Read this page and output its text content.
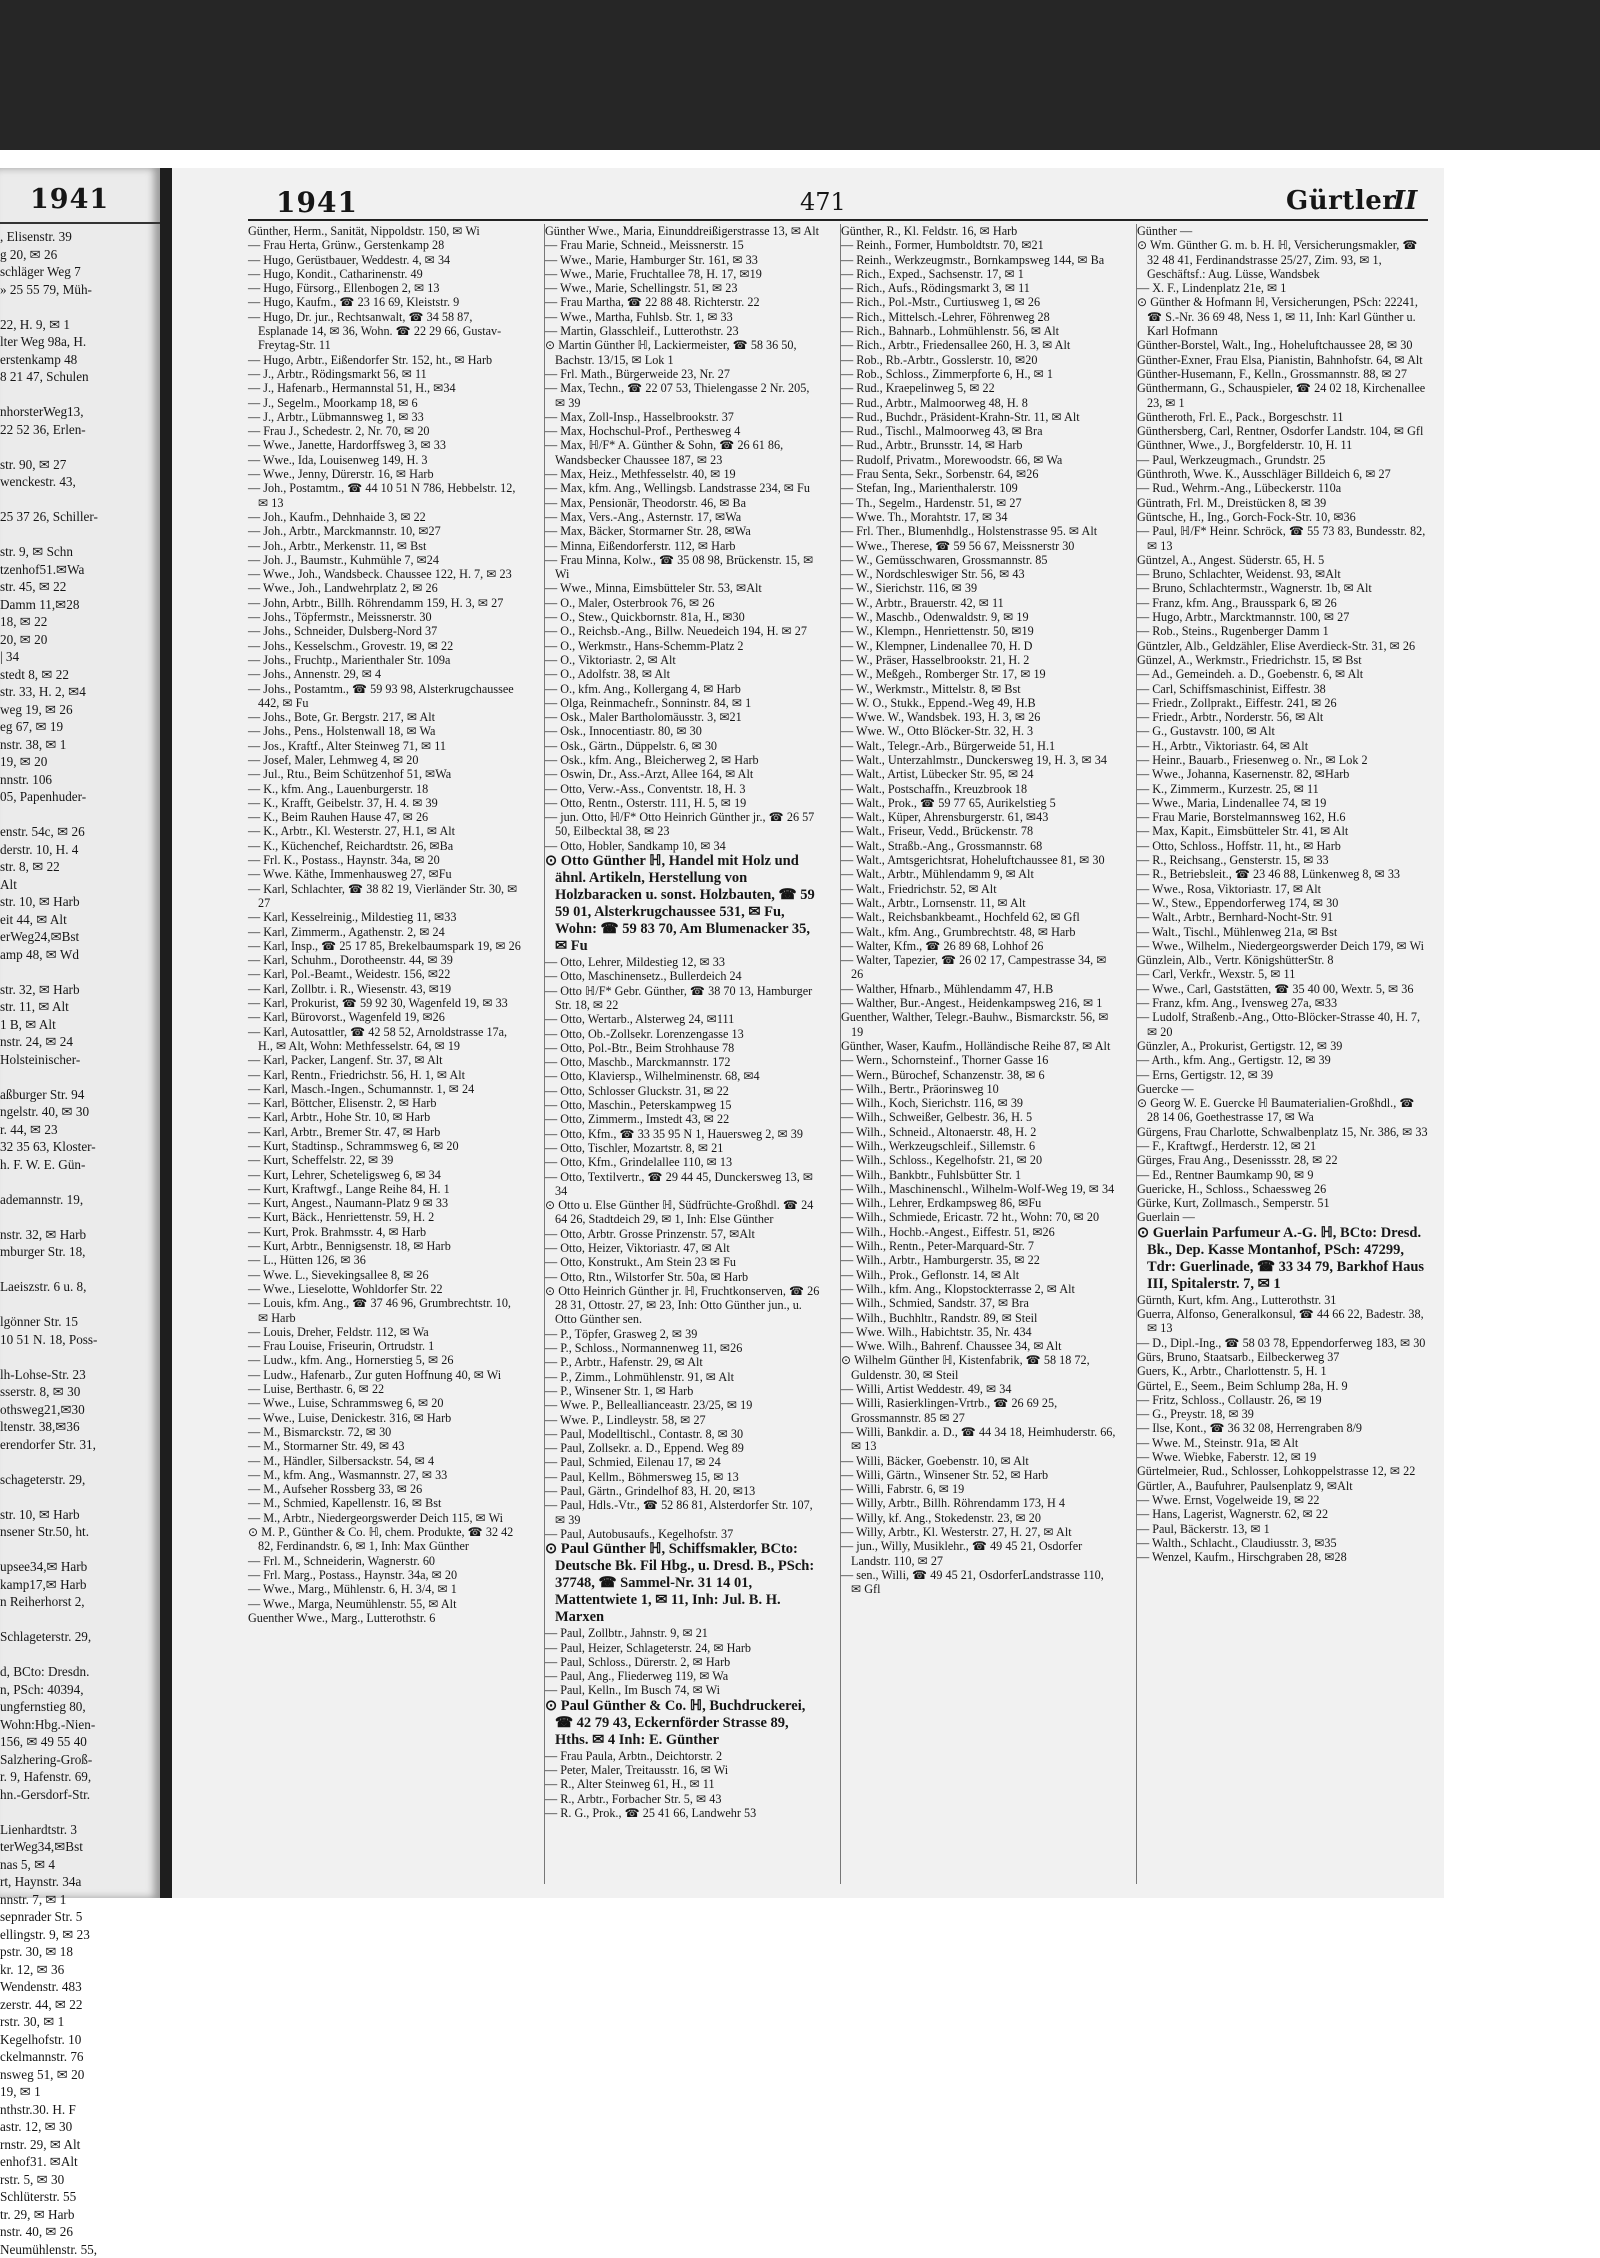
1941
, Elisenstr. 39
g 20, ✉ 26
schläger Weg 7
» 25 55 79, Müh-

22, H. 9, ✉ 1
lter Weg 98a, H.
erstenkamp 48
8 21 47, Schulen

nhorsterWeg13,
22 52 36, Erlen-

str. 90, ✉ 27
wenckestr. 43,

25 37 26, Schiller-

str. 9, ✉ Schn
tzenhof51.✉Wa
str. 45, ✉ 22
Damm 11,✉28
18, ✉ 22
20, ✉ 20
| 34
stedt 8, ✉ 22
str. 33, H. 2, ✉4
weg 19, ✉ 26
eg 67, ✉ 19
nstr. 38, ✉ 1
19, ✉ 20
nnstr. 106
05, Papenhuder-

enstr. 54c, ✉ 26
derstr. 10, H. 4
str. 8, ✉ 22
Alt
str. 10, ✉ Harb
eit 44, ✉ Alt
erWeg24,✉Bst
amp 48, ✉ Wd

str. 32, ✉ Harb
str. 11, ✉ Alt
1 B, ✉ Alt
nstr. 24, ✉ 24
Holsteinischer-

aßburger Str. 94
ngelstr. 40, ✉ 30
r. 44, ✉ 23
32 35 63, Kloster-
h. F. W. E. Gün-

ademannstr. 19,

nstr. 32, ✉ Harb
mburger Str. 18,

Laeiszstr. 6 u. 8,

lgönner Str. 15
10 51 N. 18, Poss-

lh-Lohse-Str. 23
sserstr. 8, ✉ 30
othsweg21,✉30
ltenstr. 38,✉36
erendorfer Str. 31,

schageterstr. 29,

str. 10, ✉ Harb
nsener Str.50, ht.

upsee34,✉ Harb
kamp17,✉ Harb
n Reiherhorst 2,

Schlageterstr. 29,

d, BCto: Dresdn.
n, PSch: 40394,
ungfernstieg 80,
Wohn:Hbg.-Nien-
156, ✉ 49 55 40
Salzhering-Groß-
r. 9, Hafenstr. 69,
hn.-Gersdorf-Str.

Lienhardtstr. 3
terWeg34,✉Bst
nas 5, ✉ 4
rt, Haynstr. 34a
nnstr. 7, ✉ 1
sepnrader Str. 5
ellingstr. 9, ✉ 23
pstr. 30, ✉ 18
kr. 12, ✉ 36
Wendenstr. 483
zerstr. 44, ✉ 22
rstr. 30, ✉ 1
Kegelhofstr. 10
ckelmannstr. 76
nsweg 51, ✉ 20
19, ✉ 1
nthstr.30. H. F
astr. 12, ✉ 30
rnstr. 29, ✉ Alt
enhof31. ✉Alt
rstr. 5, ✉ 30
Schlüterstr. 55
tr. 29, ✉ Harb
nstr. 40, ✉ 26
Neumühlenstr. 55,
1941	471	Gürtler
II

Günther, Herm., Sanität, Nippoldstr. 150, ✉ Wi

— Frau Herta, Grünw., Gerstenkamp 28

— Hugo, Gerüstbauer, Weddestr. 4, ✉ 34

— Hugo, Kondit., Catharinenstr. 49

— Hugo, Fürsorg., Ellenbogen 2, ✉ 13

— Hugo, Kaufm., ☎ 23 16 69, Kleiststr. 9

— Hugo, Dr. jur., Rechtsanwalt, ☎ 34 58 87, Esplanade 14, ✉ 36, Wohn. ☎ 22 29 66, Gustav-Freytag-Str. 11

— Hugo, Arbtr., Eißendorfer Str. 152, ht., ✉ Harb

— J., Arbtr., Rödingsmarkt 56, ✉ 11

— J., Hafenarb., Hermannstal 51, H., ✉34

— J., Segelm., Moorkamp 18, ✉ 6

— J., Arbtr., Lübmannsweg 1, ✉ 33

— Frau J., Schedestr. 2, Nr. 70, ✉ 20

— Wwe., Janette, Hardorffsweg 3, ✉ 33

— Wwe., Ida, Louisenweg 149, H. 3

— Wwe., Jenny, Dürerstr. 16, ✉ Harb

— Joh., Postamtm., ☎ 44 10 51 N 786, Hebbelstr. 12, ✉ 13

— Joh., Kaufm., Dehnhaide 3, ✉ 22

— Joh., Arbtr., Marckmannstr. 10, ✉27

— Joh., Arbtr., Merkenstr. 11, ✉ Bst

— Joh. J., Baumstr., Kuhmühle 7, ✉24

— Wwe., Joh., Wandsbeck. Chaussee 122, H. 7, ✉ 23

— Wwe., Joh., Landwehrplatz 2, ✉ 26

— John, Arbtr., Billh. Röhrendamm 159, H. 3, ✉ 27

— Johs., Töpfermstr., Meissnerstr. 30

— Johs., Schneider, Dulsberg-Nord 37

— Johs., Kesselschm., Grovestr. 19, ✉ 22

— Johs., Fruchtp., Marienthaler Str. 109a

— Johs., Annenstr. 29, ✉ 4

— Johs., Postamtm., ☎ 59 93 98, Alsterkrugchaussee 442, ✉ Fu

— Johs., Bote, Gr. Bergstr. 217, ✉ Alt

— Johs., Pens., Holstenwall 18, ✉ Wa

— Jos., Kraftf., Alter Steinweg 71, ✉ 11

— Josef, Maler, Lehmweg 4, ✉ 20

— Jul., Rtu., Beim Schützenhof 51, ✉Wa

— K., kfm. Ang., Lauenburgerstr. 18

— K., Krafft, Geibelstr. 37, H. 4. ✉ 39

— K., Beim Rauhen Hause 47, ✉ 26

— K., Arbtr., Kl. Westerstr. 27, H.1, ✉ Alt

— K., Küchenchef, Reichardtstr. 26, ✉Ba

— Frl. K., Postass., Haynstr. 34a, ✉ 20

— Wwe. Käthe, Immenhausweg 27, ✉Fu

— Karl, Schlachter, ☎ 38 82 19, Vierländer Str. 30, ✉ 27

— Karl, Kesselreinig., Mildestieg 11, ✉33

— Karl, Zimmerm., Agathenstr. 2, ✉ 24

— Karl, Insp., ☎ 25 17 85, Brekelbaumspark 19, ✉ 26

— Karl, Schuhm., Dorotheenstr. 44, ✉ 39

— Karl, Pol.-Beamt., Weidestr. 156, ✉22

— Karl, Zollbtr. i. R., Wiesenstr. 43, ✉19

— Karl, Prokurist, ☎ 59 92 30, Wagenfeld 19, ✉ 33

— Karl, Bürovorst., Wagenfeld 19, ✉26

— Karl, Autosattler, ☎ 42 58 52, Arnoldstrasse 17a, H., ✉ Alt, Wohn: Methfesselstr. 64, ✉ 19

— Karl, Packer, Langenf. Str. 37, ✉ Alt

— Karl, Rentn., Friedrichstr. 56, H. 1, ✉ Alt

— Karl, Masch.-Ingen., Schumannstr. 1, ✉ 24

— Karl, Böttcher, Elisenstr. 2, ✉ Harb

— Karl, Arbtr., Hohe Str. 10, ✉ Harb

— Karl, Arbtr., Bremer Str. 47, ✉ Harb

— Kurt, Stadtinsp., Schrammsweg 6, ✉ 20

— Kurt, Scheffelstr. 22, ✉ 39

— Kurt, Lehrer, Scheteligsweg 6, ✉ 34

— Kurt, Kraftwgf., Lange Reihe 84, H. 1

— Kurt, Angest., Naumann-Platz 9 ✉ 33

— Kurt, Bäck., Henriettenstr. 59, H. 2

— Kurt, Prok. Brahmsstr. 4, ✉ Harb

— Kurt, Arbtr., Bennigsenstr. 18, ✉ Harb

— L., Hütten 126, ✉ 36

— Wwe. L., Sievekingsallee 8, ✉ 26

— Wwe., Lieselotte, Wohldorfer Str. 22

— Louis, kfm. Ang., ☎ 37 46 96, Grumbrechtstr. 10, ✉ Harb

— Louis, Dreher, Feldstr. 112, ✉ Wa

— Frau Louise, Friseurin, Ortrudstr. 1

— Ludw., kfm. Ang., Hornerstieg 5, ✉ 26

— Ludw., Hafenarb., Zur guten Hoffnung 40, ✉ Wi

— Luise, Berthastr. 6, ✉ 22

— Wwe., Luise, Schrammsweg 6, ✉ 20

— Wwe., Luise, Denickestr. 316, ✉ Harb

— M., Bismarckstr. 72, ✉ 30

— M., Stormarner Str. 49, ✉ 43

— M., Händler, Silbersackstr. 54, ✉ 4

— M., kfm. Ang., Wasmannstr. 27, ✉ 33

— M., Aufseher Rossberg 33, ✉ 26

— M., Schmied, Kapellenstr. 16, ✉ Bst

— M., Arbtr., Niedergeorgswerder Deich 115, ✉ Wi

⊙ M. P., Günther & Co. ℍ, chem. Produkte, ☎ 32 42 82, Ferdinandstr. 6, ✉ 1, Inh: Max Günther

— Frl. M., Schneiderin, Wagnerstr. 60

— Frl. Marg., Postass., Haynstr. 34a, ✉ 20

— Wwe., Marg., Mühlenstr. 6, H. 3/4, ✉ 1

— Wwe., Marga, Neumühlenstr. 55, ✉ Alt

Guenther Wwe., Marg., Lutterothstr. 6

Günther Wwe., Maria, Einunddreißigerstrasse 13, ✉ Alt

— Frau Marie, Schneid., Meissnerstr. 15

— Wwe., Marie, Hamburger Str. 161, ✉ 33

— Wwe., Marie, Fruchtallee 78, H. 17, ✉19

— Wwe., Marie, Schellingstr. 51, ✉ 23

— Frau Martha, ☎ 22 88 48. Richterstr. 22

— Wwe., Martha, Fuhlsb. Str. 1, ✉ 33

— Martin, Glasschleif., Lutterothstr. 23

⊙ Martin Günther ℍ, Lackiermeister, ☎ 58 36 50, Bachstr. 13/15, ✉ Lok 1

— Frl. Math., Bürgerweide 23, Nr. 27

— Max, Techn., ☎ 22 07 53, Thielengasse 2 Nr. 205, ✉ 39

— Max, Zoll-Insp., Hasselbrookstr. 37

— Max, Hochschul-Prof., Perthesweg 4

— Max, ℍ/F* A. Günther & Sohn, ☎ 26 61 86, Wandsbecker Chaussee 187, ✉ 23

— Max, Heiz., Methfesselstr. 40, ✉ 19

— Max, kfm. Ang., Wellingsb. Landstrasse 234, ✉ Fu

— Max, Pensionär, Theodorstr. 46, ✉ Ba

— Max, Vers.-Ang., Asternstr. 17, ✉Wa

— Max, Bäcker, Stormarner Str. 28, ✉Wa

— Minna, Eißendorferstr. 112, ✉ Harb

— Frau Minna, Kolw., ☎ 35 08 98, Brückenstr. 15, ✉ Wi

— Wwe., Minna, Eimsbütteler Str. 53, ✉Alt

— O., Maler, Osterbrook 76, ✉ 26

— O., Stew., Quickbornstr. 81a, H., ✉30

— O., Reichsb.-Ang., Billw. Neuedeich 194, H. ✉ 27

— O., Werkmstr., Hans-Schemm-Platz 2

— O., Viktoriastr. 2, ✉ Alt

— O., Adolfstr. 38, ✉ Alt

— O., kfm. Ang., Kollergang 4, ✉ Harb

— Olga, Reinmachefr., Sonninstr. 84, ✉ 1

— Osk., Maler Bartholomäusstr. 3, ✉21

— Osk., Innocentiastr. 80, ✉ 30

— Osk., Gärtn., Düppelstr. 6, ✉ 30

— Osk., kfm. Ang., Bleicherweg 2, ✉ Harb

— Oswin, Dr., Ass.-Arzt, Allee 164, ✉ Alt

— Otto, Verw.-Ass., Conventstr. 18, H. 3

— Otto, Rentn., Osterstr. 111, H. 5, ✉ 19

— jun. Otto, ℍ/F* Otto Heinrich Günther jr., ☎ 26 57 50, Eilbecktal 38, ✉ 23

— Otto, Hobler, Sandkamp 10, ✉ 34

⊙ Otto Günther ℍ, Handel mit Holz und ähnl. Artikeln, Herstellung von Holzbaracken u. sonst. Holzbauten, ☎ 59 59 01, Alsterkrugchaussee 531, ✉ Fu, Wohn: ☎ 59 83 70, Am Blumenacker 35, ✉ Fu

— Otto, Lehrer, Mildestieg 12, ✉ 33

— Otto, Maschinensetz., Bullerdeich 24

— Otto ℍ/F* Gebr. Günther, ☎ 38 70 13, Hamburger Str. 18, ✉ 22

— Otto, Wertarb., Alsterweg 24, ✉111

— Otto, Ob.-Zollsekr. Lorenzengasse 13

— Otto, Pol.-Btr., Beim Strohhause 78

— Otto, Maschb., Marckmannstr. 172

— Otto, Klaviersp., Wilhelminenstr. 68, ✉4

— Otto, Schlosser Gluckstr. 31, ✉ 22

— Otto, Maschin., Peterskampweg 15

— Otto, Zimmerm., Imstedt 43, ✉ 22

— Otto, Kfm., ☎ 33 35 95 N 1, Hauersweg 2, ✉ 39

— Otto, Tischler, Mozartstr. 8, ✉ 21

— Otto, Kfm., Grindelallee 110, ✉ 13

— Otto, Textilvertr., ☎ 29 44 45, Dunckersweg 13, ✉ 34

⊙ Otto u. Else Günther ℍ, Südfrüchte-Großhdl. ☎ 24 64 26, Stadtdeich 29, ✉ 1, Inh: Else Günther

— Otto, Arbtr. Grosse Prinzenstr. 57, ✉Alt

— Otto, Heizer, Viktoriastr. 47, ✉ Alt

— Otto, Konstrukt., Am Stein 23 ✉ Fu

— Otto, Rtn., Wilstorfer Str. 50a, ✉ Harb

⊙ Otto Heinrich Günther jr. ℍ, Fruchtkonserven, ☎ 26 28 31, Ottostr. 27, ✉ 23, Inh: Otto Günther jun., u. Otto Günther sen.

— P., Töpfer, Grasweg 2, ✉ 39

— P., Schloss., Normannenweg 11, ✉26

— P., Arbtr., Hafenstr. 29, ✉ Alt

— P., Zimm., Lohmühlenstr. 91, ✉ Alt

— P., Winsener Str. 1, ✉ Harb

— Wwe. P., Belleallianceastr. 23/25, ✉ 19

— Wwe. P., Lindleystr. 58, ✉ 27

— Paul, Modelltischl., Contastr. 8, ✉ 30

— Paul, Zollsekr. a. D., Eppend. Weg 89

— Paul, Schmied, Eilenau 17, ✉ 24

— Paul, Kellm., Böhmersweg 15, ✉ 13

— Paul, Gärtn., Grindelhof 83, H. 20, ✉13

— Paul, Hdls.-Vtr., ☎ 52 86 81, Alsterdorfer Str. 107, ✉ 39

— Paul, Autobusaufs., Kegelhofstr. 37

⊙ Paul Günther ℍ, Schiffsmakler, BCto: Deutsche Bk. Fil Hbg., u. Dresd. B., PSch: 37748, ☎ Sammel-Nr. 31 14 01, Mattentwiete 1, ✉ 11, Inh: Jul. B. H. Marxen

— Paul, Zollbtr., Jahnstr. 9, ✉ 21

— Paul, Heizer, Schlageterstr. 24, ✉ Harb

— Paul, Schloss., Dürerstr. 2, ✉ Harb

— Paul, Ang., Fliederweg 119, ✉ Wa

— Paul, Kelln., Im Busch 74, ✉ Wi

⊙ Paul Günther & Co. ℍ, Buchdruckerei, ☎ 42 79 43, Eckernförder Strasse 89, Hths. ✉ 4 Inh: E. Günther

— Frau Paula, Arbtn., Deichtorstr. 2

— Peter, Maler, Treitausstr. 16, ✉ Wi

— R., Alter Steinweg 61, H., ✉ 11

— R., Arbtr., Forbacher Str. 5, ✉ 43

— R. G., Prok., ☎ 25 41 66, Landwehr 53

Günther, R., Kl. Feldstr. 16, ✉ Harb

— Reinh., Former, Humboldtstr. 70, ✉21

— Reinh., Werkzeugmstr., Bornkampsweg 144, ✉ Ba

— Rich., Exped., Sachsenstr. 17, ✉ 1

— Rich., Aufs., Rödingsmarkt 3, ✉ 11

— Rich., Pol.-Mstr., Curtiusweg 1, ✉ 26

— Rich., Mittelsch.-Lehrer, Föhrenweg 28

— Rich., Bahnarb., Lohmühlenstr. 56, ✉ Alt

— Rich., Arbtr., Friedensallee 260, H. 3, ✉ Alt

— Rob., Rb.-Arbtr., Gosslerstr. 10, ✉20

— Rob., Schloss., Zimmerpforte 6, H., ✉ 1

— Rud., Kraepelinweg 5, ✉ 22

— Rud., Arbtr., Malmoorweg 48, H. 8

— Rud., Buchdr., Präsident-Krahn-Str. 11, ✉ Alt

— Rud., Tischl., Malmoorweg 43, ✉ Bra

— Rud., Arbtr., Brunsstr. 14, ✉ Harb

— Rudolf, Privatm., Morewoodstr. 66, ✉ Wa

— Frau Senta, Sekr., Sorbenstr. 64, ✉26

— Stefan, Ing., Marienthalerstr. 109

— Th., Segelm., Hardenstr. 51, ✉ 27

— Wwe. Th., Morahtstr. 17, ✉ 34

— Frl. Ther., Blumenhdlg., Holstenstrasse 95. ✉ Alt

— Wwe., Therese, ☎ 59 56 67, Meissnerstr 30

— W., Gemüsschwaren, Grossmannstr. 85

— W., Nordschleswiger Str. 56, ✉ 43

— W., Sierichstr. 116, ✉ 39

— W., Arbtr., Brauerstr. 42, ✉ 11

— W., Maschb., Odenwaldstr. 9, ✉ 19

— W., Klempn., Henriettenstr. 50, ✉19

— W., Klempner, Lindenallee 70, H. D

— W., Präser, Hasselbrookstr. 21, H. 2

— W., Meßgeh., Romberger Str. 17, ✉ 19

— W., Werkmstr., Mittelstr. 8, ✉ Bst

— W. O., Stukk., Eppend.-Weg 49, H.B

— Wwe. W., Wandsbek. 193, H. 3, ✉ 26

— Wwe. W., Otto Blöcker-Str. 32, H. 3

— Walt., Telegr.-Arb., Bürgerweide 51, H.1

— Walt., Unterzahlmstr., Dunckersweg 19, H. 3, ✉ 34

— Walt., Artist, Lübecker Str. 95, ✉ 24

— Walt., Postschaffn., Kreuzbrook 18

— Walt., Prok., ☎ 59 77 65, Aurikelstieg 5

— Walt., Küper, Ahrensburgerstr. 61, ✉43

— Walt., Friseur, Vedd., Brückenstr. 78

— Walt., Straßb.-Ang., Grossmannstr. 68

— Walt., Amtsgerichtsrat, Hoheluftchaussee 81, ✉ 30

— Walt., Arbtr., Mühlendamm 9, ✉ Alt

— Walt., Friedrichstr. 52, ✉ Alt

— Walt., Arbtr., Lornsenstr. 11, ✉ Alt

— Walt., Reichsbankbeamt., Hochfeld 62, ✉ Gfl

— Walt., kfm. Ang., Grumbrechtstr. 48, ✉ Harb

— Walter, Kfm., ☎ 26 89 68, Lohhof 26

— Walter, Tapezier, ☎ 26 02 17, Campestrasse 34, ✉ 26

— Walther, Hfnarb., Mühlendamm 47, H.B

— Walther, Bur.-Angest., Heidenkampsweg 216, ✉ 1

Guenther, Walther, Telegr.-Bauhw., Bismarckstr. 56, ✉ 19

Günther, Waser, Kaufm., Holländische Reihe 87, ✉ Alt

— Wern., Schornsteinf., Thorner Gasse 16

— Wern., Bürochef, Schanzenstr. 38, ✉ 6

— Wilh., Bertr., Präorinsweg 10

— Wilh., Koch, Sierichstr. 116, ✉ 39

— Wilh., Schweißer, Gelbestr. 36, H. 5

— Wilh., Schneid., Altonaerstr. 48, H. 2

— Wilh., Werkzeugschleif., Sillemstr. 6

— Wilh., Schloss., Kegelhofstr. 21, ✉ 20

— Wilh., Bankbtr., Fuhlsbütter Str. 1

— Wilh., Maschinenschl., Wilhelm-Wolf-Weg 19, ✉ 34

— Wilh., Lehrer, Erdkampsweg 86, ✉Fu

— Wilh., Schmiede, Ericastr. 72 ht., Wohn: 70, ✉ 20

— Wilh., Hochb.-Angest., Eiffestr. 51, ✉26

— Wilh., Rentn., Peter-Marquard-Str. 7

— Wilh., Arbtr., Hamburgerstr. 35, ✉ 22

— Wilh., Prok., Geflonstr. 14, ✉ Alt

— Wilh., kfm. Ang., Klopstockterrasse 2, ✉ Alt

— Wilh., Schmied, Sandstr. 37, ✉ Bra

— Wilh., Buchhltr., Randstr. 89, ✉ Steil

— Wwe. Wilh., Habichtstr. 35, Nr. 434

— Wwe. Wilh., Bahrenf. Chaussee 34, ✉ Alt

⊙ Wilhelm Günther ℍ, Kistenfabrik, ☎ 58 18 72, Guldenstr. 30, ✉ Steil

— Willi, Artist Weddestr. 49, ✉ 34

— Willi, Rasierklingen-Vrtrb., ☎ 26 69 25, Grossmannstr. 85 ✉ 27

— Willi, Bankdir. a. D., ☎ 44 34 18, Heimhuderstr. 66, ✉ 13

— Willi, Bäcker, Goebenstr. 10, ✉ Alt

— Willi, Gärtn., Winsener Str. 52, ✉ Harb

— Willi, Fabrstr. 6, ✉ 19

— Willy, Arbtr., Billh. Röhrendamm 173, H 4

— Willy, kf. Ang., Stokedenstr. 23, ✉ 20

— Willy, Arbtr., Kl. Westerstr. 27, H. 27, ✉ Alt

— jun., Willy, Musiklehr., ☎ 49 45 21, Osdorfer Landstr. 110, ✉ 27

— sen., Willi, ☎ 49 45 21, OsdorferLandstrasse 110, ✉ Gfl

Günther —

⊙ Wm. Günther G. m. b. H. ℍ, Versicherungsmakler, ☎ 32 48 41, Ferdinandstrasse 25/27, Zim. 93, ✉ 1, Geschäftsf.: Aug. Lüsse, Wandsbek

— X. F., Lindenplatz 21e, ✉ 1

⊙ Günther & Hofmann ℍ, Versicherungen, PSch: 22241, ☎ S.-Nr. 36 69 48, Ness 1, ✉ 11, Inh: Karl Günther u. Karl Hofmann

Günther-Borstel, Walt., Ing., Hoheluftchaussee 28, ✉ 30

Günther-Exner, Frau Elsa, Pianistin, Bahnhofstr. 64, ✉ Alt

Günther-Husemann, F., Kelln., Grossmannstr. 88, ✉ 27

Günthermann, G., Schauspieler, ☎ 24 02 18, Kirchenallee 23, ✉ 1

Güntheroth, Frl. E., Pack., Borgeschstr. 11

Günthersberg, Carl, Rentner, Osdorfer Landstr. 104, ✉ Gfl

Günthner, Wwe., J., Borgfelderstr. 10, H. 11

— Paul, Werkzeugmach., Grundstr. 25

Günthroth, Wwe. K., Ausschläger Billdeich 6, ✉ 27

— Rud., Wehrm.-Ang., Lübeckerstr. 110a

Güntrath, Frl. M., Dreistücken 8, ✉ 39

Güntsche, H., Ing., Gorch-Fock-Str. 10, ✉36

— Paul, ℍ/F* Heinr. Schröck, ☎ 55 73 83, Bundesstr. 82, ✉ 13

Güntzel, A., Angest. Süderstr. 65, H. 5

— Bruno, Schlachter, Weidenst. 93, ✉Alt

— Bruno, Schlachtermstr., Wagnerstr. 1b, ✉ Alt

— Franz, kfm. Ang., Brausspark 6, ✉ 26

— Hugo, Arbtr., Marcktmannstr. 100, ✉ 27

— Rob., Steins., Rugenberger Damm 1

Güntzler, Alb., Geldzähler, Elise Averdieck-Str. 31, ✉ 26

Günzel, A., Werkmstr., Friedrichstr. 15, ✉ Bst

— Ad., Gemeindeh. a. D., Goebenstr. 6, ✉ Alt

— Carl, Schiffsmaschinist, Eiffestr. 38

— Friedr., Zollprakt., Eiffestr. 241, ✉ 26

— Friedr., Arbtr., Norderstr. 56, ✉ Alt

— G., Gustavstr. 100, ✉ Alt

— H., Arbtr., Viktoriastr. 64, ✉ Alt

— Heinr., Bauarb., Friesenweg o. Nr., ✉ Lok 2

— Wwe., Johanna, Kasernenstr. 82, ✉Harb

— K., Zimmerm., Kurzestr. 25, ✉ 11

— Wwe., Maria, Lindenallee 74, ✉ 19

— Frau Marie, Borstelmannsweg 162, H.6

— Max, Kapit., Eimsbütteler Str. 41, ✉ Alt

— Otto, Schloss., Hoffstr. 11, ht., ✉ Harb

— R., Reichsang., Gensterstr. 15, ✉ 33

— R., Betriebsleit., ☎ 23 46 88, Lünkenweg 8, ✉ 33

— Wwe., Rosa, Viktoriastr. 17, ✉ Alt

— W., Stew., Eppendorferweg 174, ✉ 30

— Walt., Arbtr., Bernhard-Nocht-Str. 91

— Walt., Tischl., Mühlenweg 21a, ✉ Bst

— Wwe., Wilhelm., Niedergeorgswerder Deich 179, ✉ Wi

Günzlein, Alb., Vertr. KönigshütterStr. 8

— Carl, Verkfr., Wexstr. 5, ✉ 11

— Wwe., Carl, Gaststätten, ☎ 35 40 00, Wextr. 5, ✉ 36

— Franz, kfm. Ang., Ivensweg 27a, ✉33

— Ludolf, Straßenb.-Ang., Otto-Blöcker-Strasse 40, H. 7, ✉ 20

Günzler, A., Prokurist, Gertigstr. 12, ✉ 39

— Arth., kfm. Ang., Gertigstr. 12, ✉ 39

— Erns, Gertigstr. 12, ✉ 39

Guercke —

⊙ Georg W. E. Guercke ℍ Baumaterialien-Großhdl., ☎ 28 14 06, Goethestrasse 17, ✉ Wa

Gürgens, Frau Charlotte, Schwalbenplatz 15, Nr. 386, ✉ 33

— F., Kraftwgf., Herderstr. 12, ✉ 21

Gürges, Frau Ang., Desenissstr. 28, ✉ 22

— Ed., Rentner Baumkamp 90, ✉ 9

Guericke, H., Schloss., Schaessweg 26

Gürke, Kurt, Zollmasch., Semperstr. 51

Guerlain —

⊙ Guerlain Parfumeur A.-G. ℍ, BCto: Dresd. Bk., Dep. Kasse Montanhof, PSch: 47299, Tdr: Guerlinade, ☎ 33 34 79, Barkhof Haus III, Spitalerstr. 7, ✉ 1

Gürnth, Kurt, kfm. Ang., Lutterothstr. 31

Guerra, Alfonso, Generalkonsul, ☎ 44 66 22, Badestr. 38, ✉ 13

— D., Dipl.-Ing., ☎ 58 03 78, Eppendorferweg 183, ✉ 30

Gürs, Bruno, Staatsarb., Eilbeckerweg 37

Guers, K., Arbtr., Charlottenstr. 5, H. 1

Gürtel, E., Seem., Beim Schlump 28a, H. 9

— Fritz, Schloss., Collaustr. 26, ✉ 19

— G., Preystr. 18, ✉ 39

— Ilse, Kont., ☎ 36 32 08, Herrengraben 8/9

— Wwe. M., Steinstr. 91a, ✉ Alt

— Wwe. Wiebke, Faberstr. 12, ✉ 19

Gürtelmeier, Rud., Schlosser, Lohkoppelstrasse 12, ✉ 22

Gürtler, A., Baufuhrer, Paulsenplatz 9, ✉Alt

— Wwe. Ernst, Vogelweide 19, ✉ 22

— Hans, Lagerist, Wagnerstr. 62, ✉ 22

— Paul, Bäckerstr. 13, ✉ 1

— Walth., Schlacht., Claudiusstr. 3, ✉35

— Wenzel, Kaufm., Hirschgraben 28, ✉28
